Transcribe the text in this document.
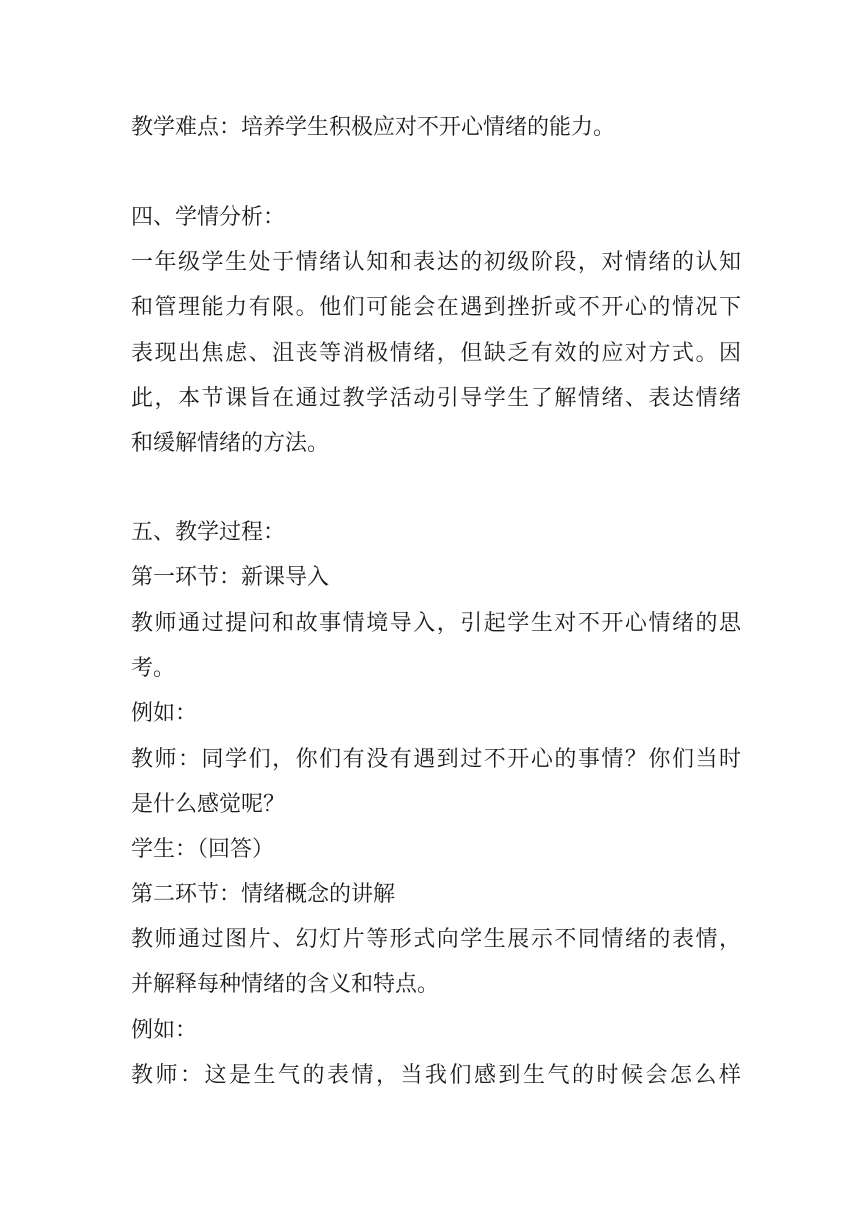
教学难点：培养学生积极应对不开心情绪的能力。

四、学情分析：

一年级学生处于情绪认知和表达的初级阶段，对情绪的认知

和管理能力有限。他们可能会在遇到挫折或不开心的情况下

表现出焦虑、沮丧等消极情绪，但缺乏有效的应对方式。因

此，本节课旨在通过教学活动引导学生了解情绪、表达情绪

和缓解情绪的方法。

五、教学过程：

第一环节：新课导入

教师通过提问和故事情境导入，引起学生对不开心情绪的思

考。

例如：

教师：同学们，你们有没有遇到过不开心的事情？你们当时

是什么感觉呢？

学生：（回答）

第二环节：情绪概念的讲解

教师通过图片、幻灯片等形式向学生展示不同情绪的表情，

并解释每种情绪的含义和特点。

例如：

教师：这是生气的表情，当我们感到生气的时候会怎么样
